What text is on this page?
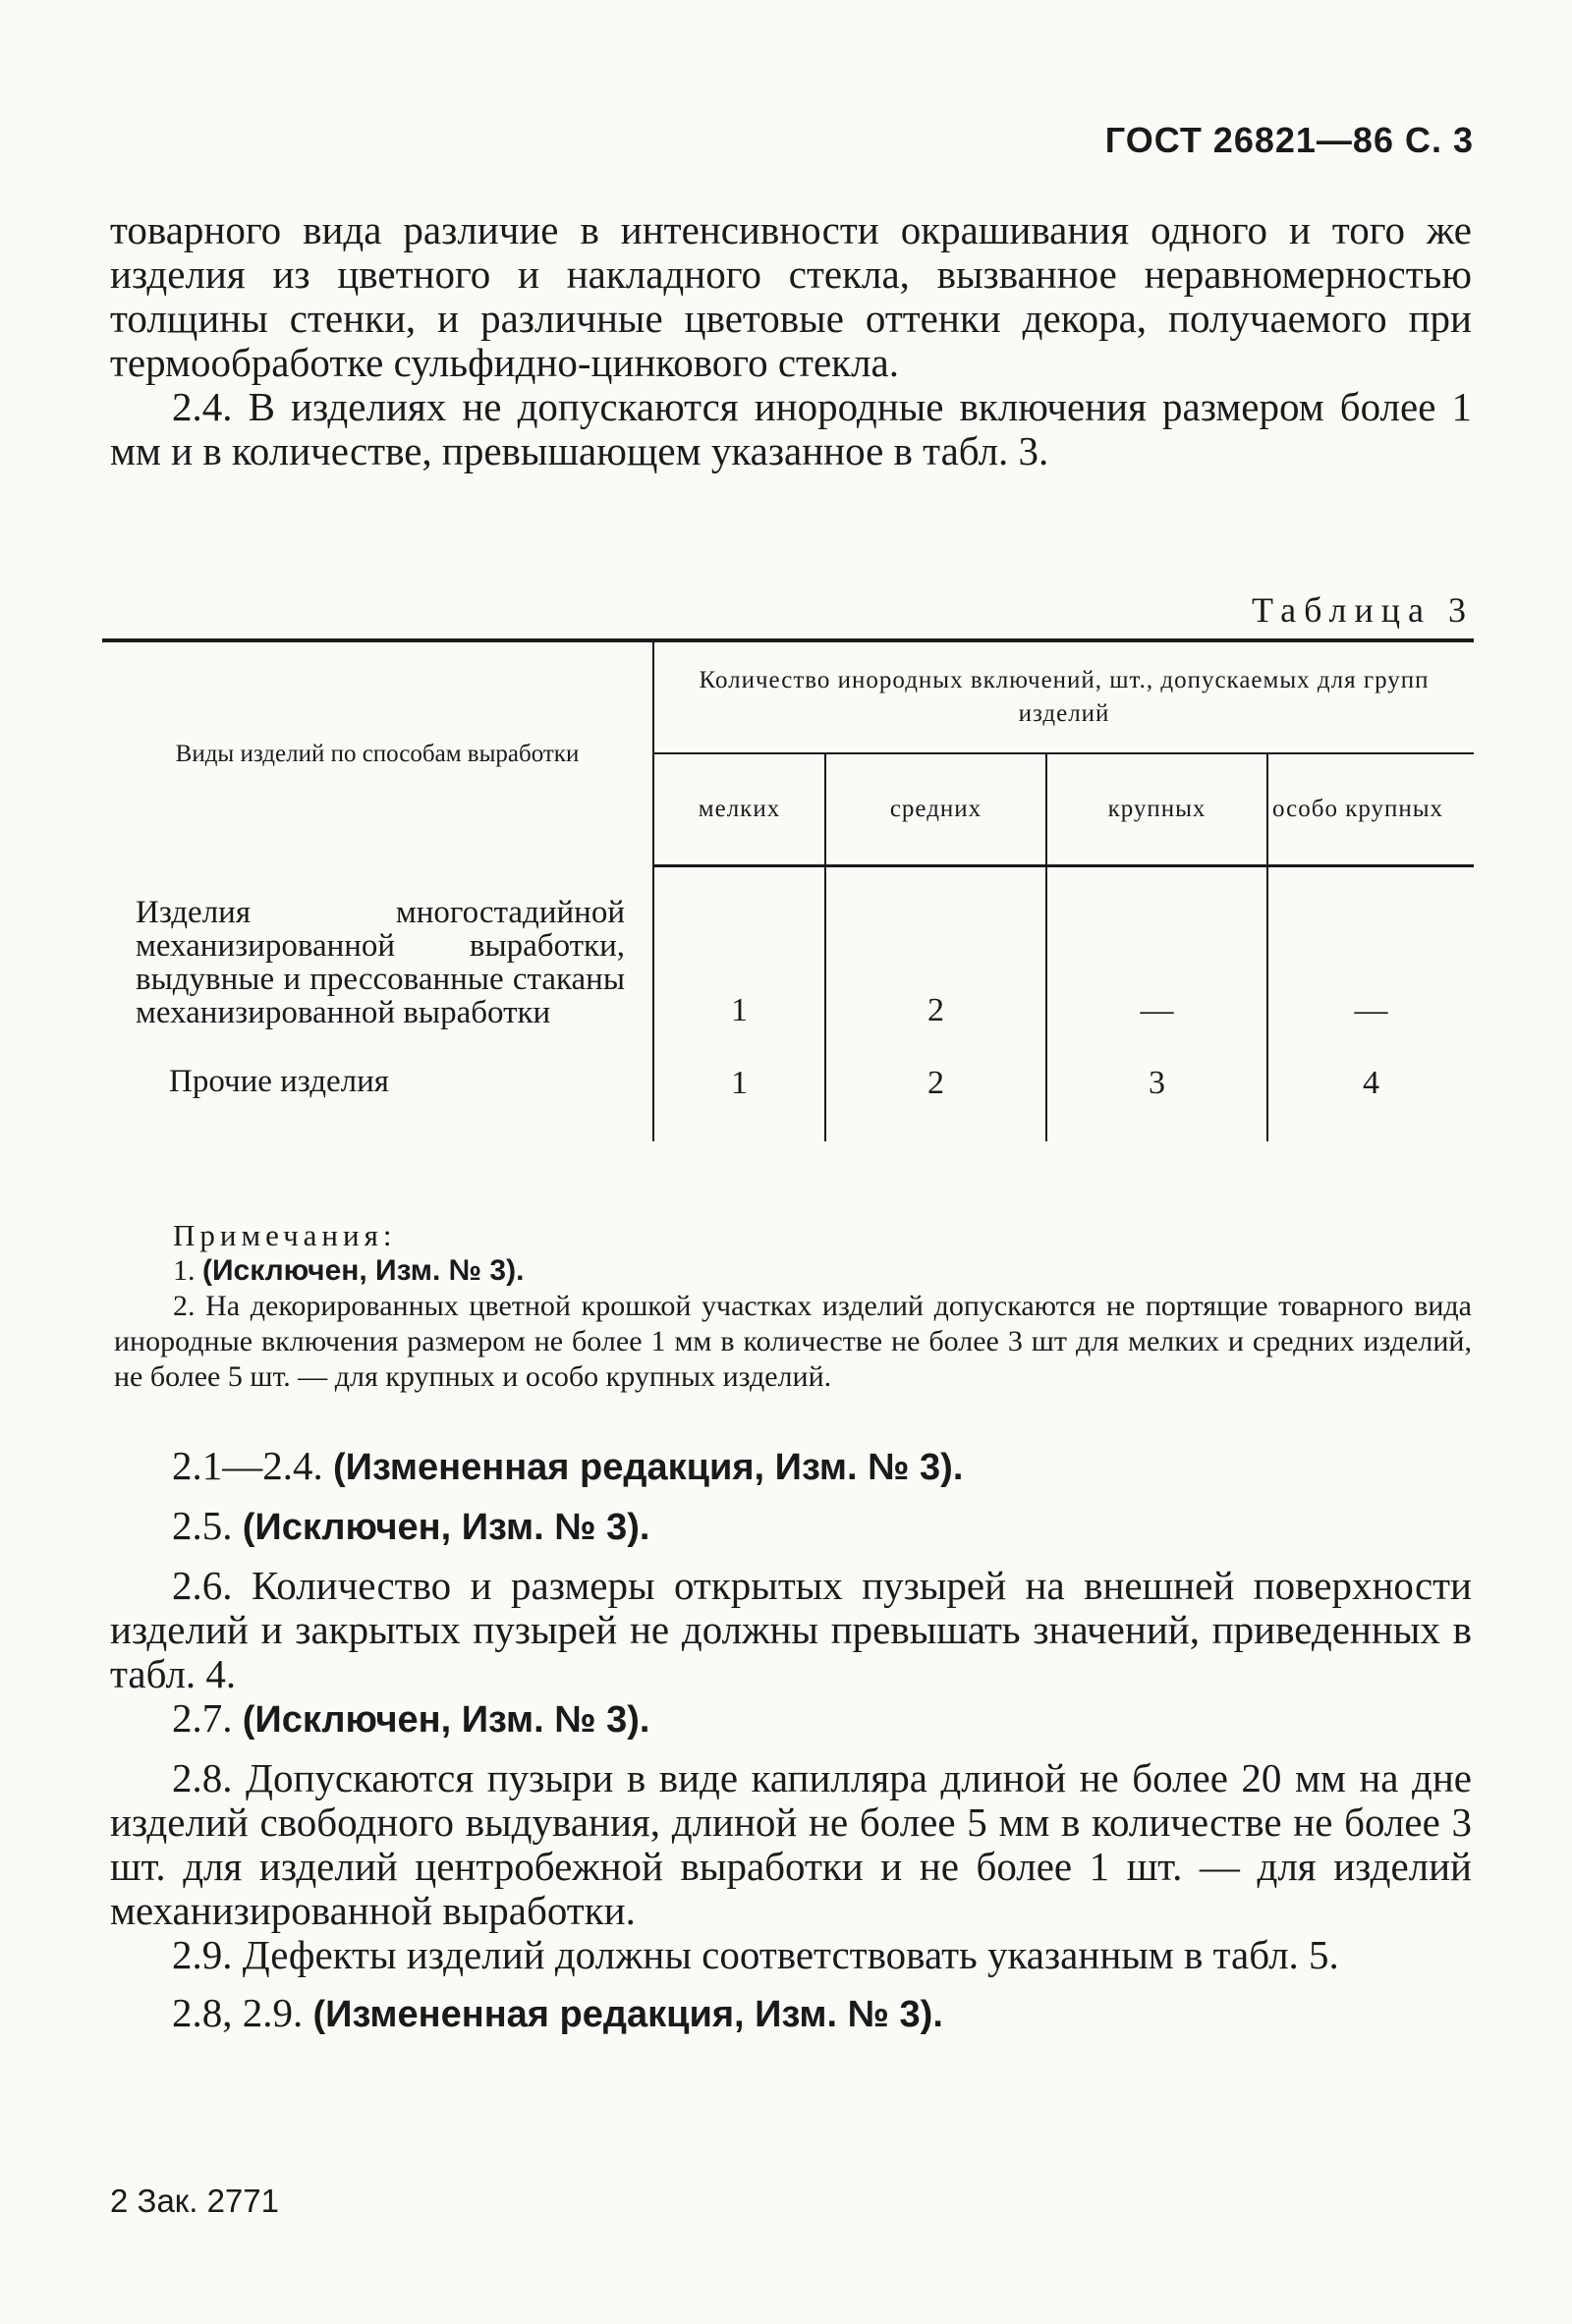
ГОСТ 26821—86 С. 3

товарного вида различие в интенсивности окрашивания одного и того же изделия из цветного и накладного стекла, вызванное неравномерностью толщины стенки, и различные цветовые оттенки декора, получаемого при термообработке сульфидно-цинкового стекла.

2.4. В изделиях не допускаются инородные включения размером более 1 мм и в количестве, превышающем указанное в табл. 3.

Таблица 3
Виды изделий по способам выработки	Количество инородных включений, шт., допускаемых для групп изделий			
	мелких	средних	крупных	особо крупных
Изделия многостадийной механизированной выработки, выдувные и прессованные стаканы механизированной выработки	1	2	—	—
Прочие изделия	1	2	3	4

Примечания:

1. (Исключен, Изм. № 3).

2. На декорированных цветной крошкой участках изделий допускаются не портящие товарного вида инородные включения размером не более 1 мм в количестве не более 3 шт для мелких и средних изделий, не более 5 шт. — для крупных и особо крупных изделий.

2.1—2.4. (Измененная редакция, Изм. № 3).

2.5. (Исключен, Изм. № 3).

2.6. Количество и размеры открытых пузырей на внешней поверхности изделий и закрытых пузырей не должны превышать значений, приведенных в табл. 4.

2.7. (Исключен, Изм. № 3).

2.8. Допускаются пузыри в виде капилляра длиной не более 20 мм на дне изделий свободного выдувания, длиной не более 5 мм в количестве не более 3 шт. для изделий центробежной выработки и не более 1 шт. — для изделий механизированной выработки.

2.9. Дефекты изделий должны соответствовать указанным в табл. 5.

2.8, 2.9. (Измененная редакция, Изм. № 3).

2 Зак. 2771
